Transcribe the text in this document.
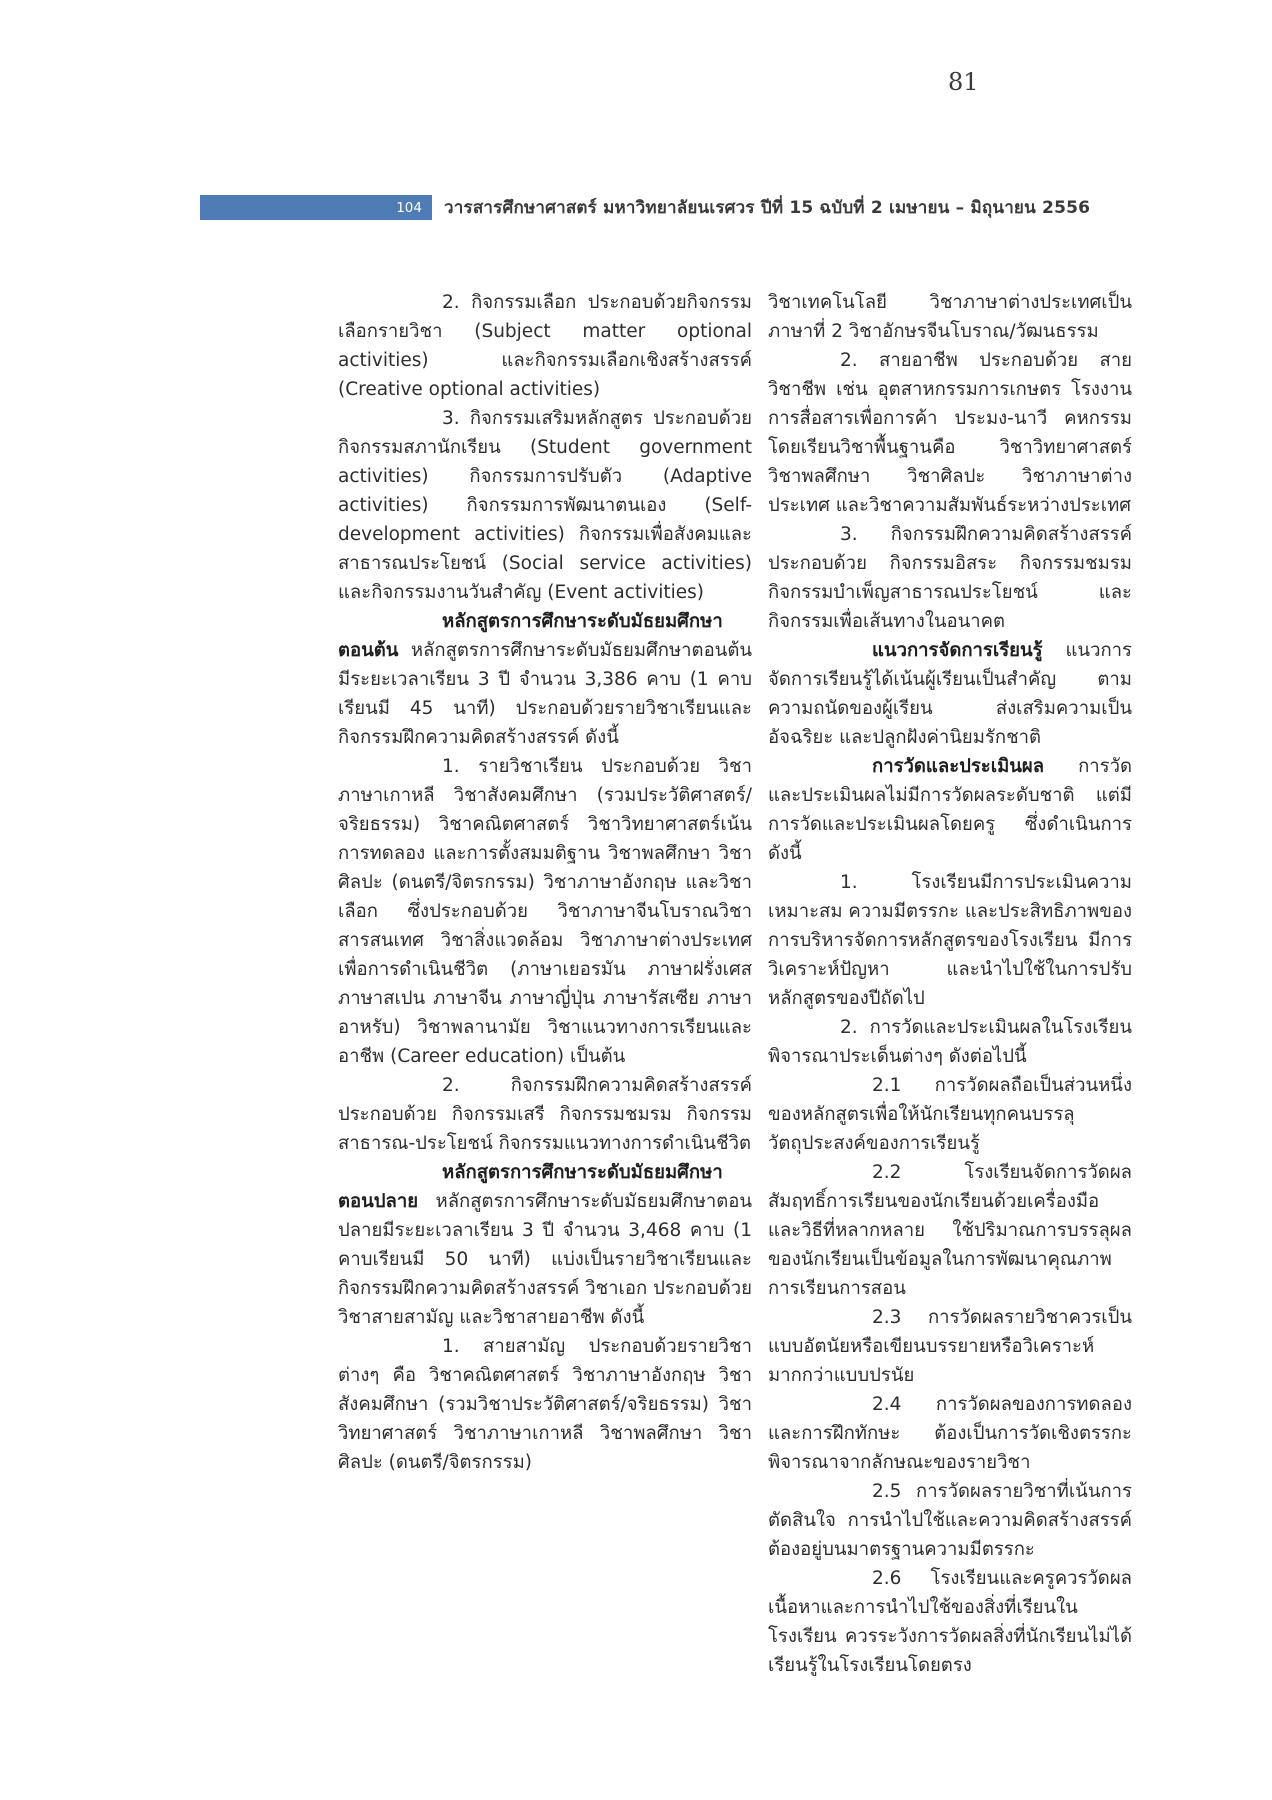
81
104 วารสารศึกษาศาสตร์ มหาวิทยาลัยนเรศวร ปีที่ 15 ฉบับที่ 2 เมษายน – มิถุนายน 2556

2. กิจกรรมเลือก ประกอบด้วยกิจกรรมเลือกรายวิชา (Subject matter optional activities) และกิจกรรมเลือกเชิงสร้างสรรค์ (Creative optional activities)

3. กิจกรรมเสริมหลักสูตร ประกอบด้วยกิจกรรมสภานักเรียน (Student government activities) กิจกรรมการปรับตัว (Adaptive activities) กิจกรรมการพัฒนาตนเอง (Self-development activities) กิจกรรมเพื่อสังคมและสาธารณประโยชน์ (Social service activities) และกิจกรรมงานวันสำคัญ (Event activities)

หลักสูตรการศึกษาระดับมัธยมศึกษาตอนต้น หลักสูตรการศึกษาระดับมัธยมศึกษาตอนต้นมีระยะเวลาเรียน 3 ปี จำนวน 3,386 คาบ (1 คาบเรียนมี 45 นาที) ประกอบด้วยรายวิชาเรียนและกิจกรรมฝึกความคิดสร้างสรรค์ ดังนี้

1. รายวิชาเรียน ประกอบด้วย วิชาภาษาเกาหลี วิชาสังคมศึกษา (รวมประวัติศาสตร์/จริยธรรม) วิชาคณิตศาสตร์ วิชาวิทยาศาสตร์เน้นการทดลอง และการตั้งสมมติฐาน วิชาพลศึกษา วิชาศิลปะ (ดนตรี/จิตรกรรม) วิชาภาษาอังกฤษ และวิชาเลือก ซึ่งประกอบด้วย วิชาภาษาจีนโบราณวิชาสารสนเทศ วิชาสิ่งแวดล้อม วิชาภาษาต่างประเทศเพื่อการดำเนินชีวิต (ภาษาเยอรมัน ภาษาฝรั่งเศส ภาษาสเปน ภาษาจีน ภาษาญี่ปุ่น ภาษารัสเซีย ภาษาอาหรับ) วิชาพลานามัย วิชาแนวทางการเรียนและอาชีพ (Career education) เป็นต้น

2. กิจกรรมฝึกความคิดสร้างสรรค์ ประกอบด้วย กิจกรรมเสรี กิจกรรมชมรม กิจกรรมสาธารณ-ประโยชน์ กิจกรรมแนวทางการดำเนินชีวิต

หลักสูตรการศึกษาระดับมัธยมศึกษาตอนปลาย หลักสูตรการศึกษาระดับมัธยมศึกษาตอนปลายมีระยะเวลาเรียน 3 ปี จำนวน 3,468 คาบ (1 คาบเรียนมี 50 นาที) แบ่งเป็นรายวิชาเรียนและกิจกรรมฝึกความคิดสร้างสรรค์ วิชาเอก ประกอบด้วย วิชาสายสามัญ และวิชาสายอาชีพ ดังนี้

1. สายสามัญ ประกอบด้วยรายวิชาต่างๆ คือ วิชาคณิตศาสตร์ วิชาภาษาอังกฤษ วิชาสังคมศึกษา (รวมวิชาประวัติศาสตร์/จริยธรรม) วิชาวิทยาศาสตร์ วิชาภาษาเกาหลี วิชาพลศึกษา วิชาศิลปะ (ดนตรี/จิตรกรรม)

วิชาเทคโนโลยี วิชาภาษาต่างประเทศเป็นภาษาที่ 2 วิชาอักษรจีนโบราณ/วัฒนธรรม

2. สายอาชีพ ประกอบด้วย สายวิชาชีพ เช่น อุตสาหกรรมการเกษตร โรงงาน การสื่อสารเพื่อการค้า ประมง-นาวี คหกรรม โดยเรียนวิชาพื้นฐานคือ วิชาวิทยาศาสตร์ วิชาพลศึกษา วิชาศิลปะ วิชาภาษาต่างประเทศ และวิชาความสัมพันธ์ระหว่างประเทศ

3. กิจกรรมฝึกความคิดสร้างสรรค์ ประกอบด้วย กิจกรรมอิสระ กิจกรรมชมรม กิจกรรมบำเพ็ญสาธารณประโยชน์ และกิจกรรมเพื่อเส้นทางในอนาคต

แนวการจัดการเรียนรู้ แนวการจัดการเรียนรู้ได้เน้นผู้เรียนเป็นสำคัญ ตามความถนัดของผู้เรียน ส่งเสริมความเป็นอัจฉริยะ และปลูกฝังค่านิยมรักชาติ

การวัดและประเมินผล การวัดและประเมินผลไม่มีการวัดผลระดับชาติ แต่มีการวัดและประเมินผลโดยครู ซึ่งดำเนินการดังนี้

1. โรงเรียนมีการประเมินความเหมาะสม ความมีตรรกะ และประสิทธิภาพของการบริหารจัดการหลักสูตรของโรงเรียน มีการวิเคราะห์ปัญหา และนำไปใช้ในการปรับหลักสูตรของปีถัดไป

2. การวัดและประเมินผลในโรงเรียน พิจารณาประเด็นต่างๆ ดังต่อไปนี้

2.1 การวัดผลถือเป็นส่วนหนึ่งของหลักสูตรเพื่อให้นักเรียนทุกคนบรรลุวัตถุประสงค์ของการเรียนรู้

2.2 โรงเรียนจัดการวัดผลสัมฤทธิ์การเรียนของนักเรียนด้วยเครื่องมือและวิธีที่หลากหลาย ใช้ปริมาณการบรรลุผลของนักเรียนเป็นข้อมูลในการพัฒนาคุณภาพการเรียนการสอน

2.3 การวัดผลรายวิชาควรเป็นแบบอัตนัยหรือเขียนบรรยายหรือวิเคราะห์มากกว่าแบบปรนัย

2.4 การวัดผลของการทดลองและการฝึกทักษะ ต้องเป็นการวัดเชิงตรรกะ พิจารณาจากลักษณะของรายวิชา

2.5 การวัดผลรายวิชาที่เน้นการตัดสินใจ การนำไปใช้และความคิดสร้างสรรค์ ต้องอยู่บนมาตรฐานความมีตรรกะ

2.6 โรงเรียนและครูควรวัดผลเนื้อหาและการนำไปใช้ของสิ่งที่เรียนในโรงเรียน ควรระวังการวัดผลสิ่งที่นักเรียนไม่ได้เรียนรู้ในโรงเรียนโดยตรง
